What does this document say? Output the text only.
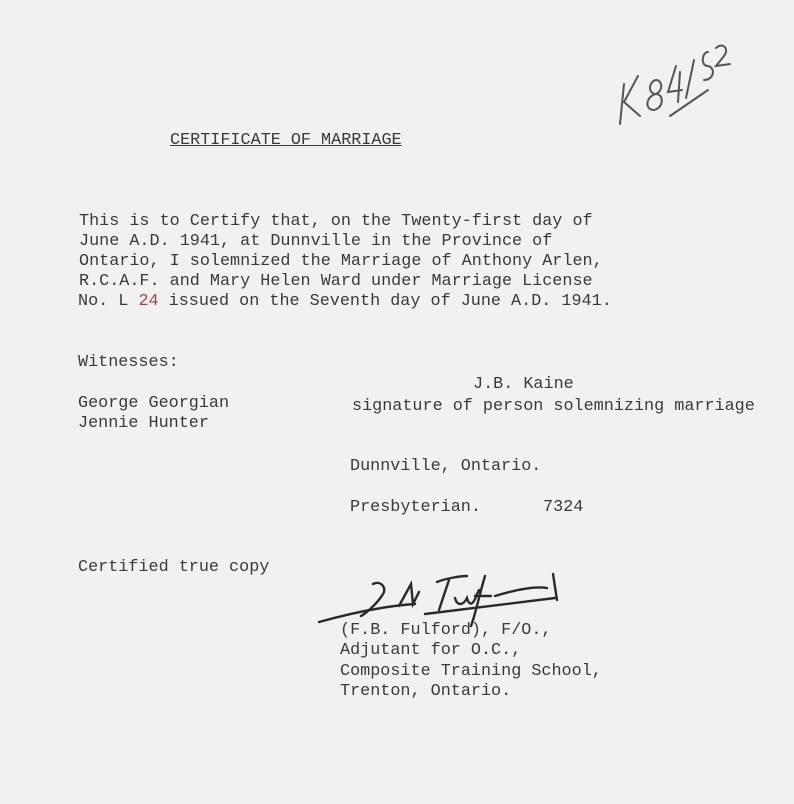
CERTIFICATE OF MARRIAGE
This is to Certify that, on the Twenty-first day of
June A.D. 1941, at Dunnville in the Province of
Ontario, I solemnized the Marriage of Anthony Arlen,
R.C.A.F. and Mary Helen Ward under Marriage License
No. L 24 issued on the Seventh day of June A.D. 1941.
Witnesses:
J.B. Kaine
George Georgian	signature of person solemnizing marriage
Jennie Hunter
Dunnville, Ontario.
Presbyterian.	7324
Certified true copy
(F.B. Fulford), F/O.,
Adjutant for O.C.,
Composite Training School,
Trenton, Ontario.
